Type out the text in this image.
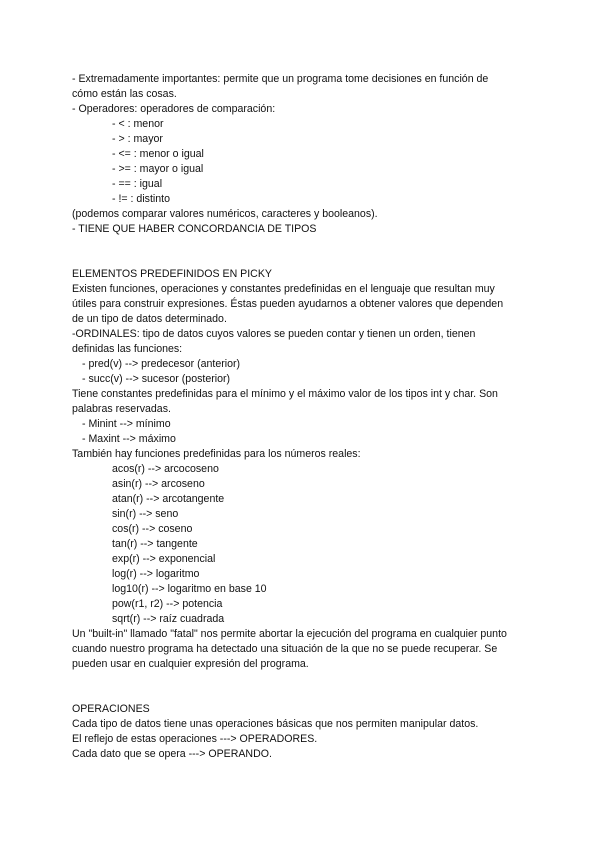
- Extremadamente importantes: permite que un programa tome decisiones en función de
cómo están las cosas.
- Operadores: operadores de comparación:
- < : menor
- > : mayor
- <= : menor o igual
- >= : mayor o igual
- == : igual
- != : distinto
(podemos comparar valores numéricos, caracteres y booleanos).
- TIENE QUE HABER CONCORDANCIA DE TIPOS
ELEMENTOS PREDEFINIDOS EN PICKY
Existen funciones, operaciones y constantes predefinidas en el lenguaje que resultan muy
útiles para construir expresiones. Éstas pueden ayudarnos a obtener valores que dependen
de un tipo de datos determinado.
-ORDINALES: tipo de datos cuyos valores se pueden contar y tienen un orden, tienen
definidas las funciones:
- pred(v) --> predecesor (anterior)
- succ(v) --> sucesor (posterior)
Tiene constantes predefinidas para el mínimo y el máximo valor de los tipos int y char. Son
palabras reservadas.
- Minint --> mínimo
- Maxint --> máximo
También hay funciones predefinidas para los números reales:
acos(r) --> arcocoseno
asin(r) --> arcoseno
atan(r) --> arcotangente
sin(r) --> seno
cos(r) --> coseno
tan(r) --> tangente
exp(r) --> exponencial
log(r) --> logaritmo
log10(r) --> logaritmo en base 10
pow(r1, r2) --> potencia
sqrt(r) --> raíz cuadrada
Un "built-in" llamado "fatal" nos permite abortar la ejecución del programa en cualquier punto
cuando nuestro programa ha detectado una situación de la que no se puede recuperar. Se
pueden usar en cualquier expresión del programa.
OPERACIONES
Cada tipo de datos tiene unas operaciones básicas que nos permiten manipular datos.
El reflejo de estas operaciones ---> OPERADORES.
Cada dato que se opera ---> OPERANDO.
